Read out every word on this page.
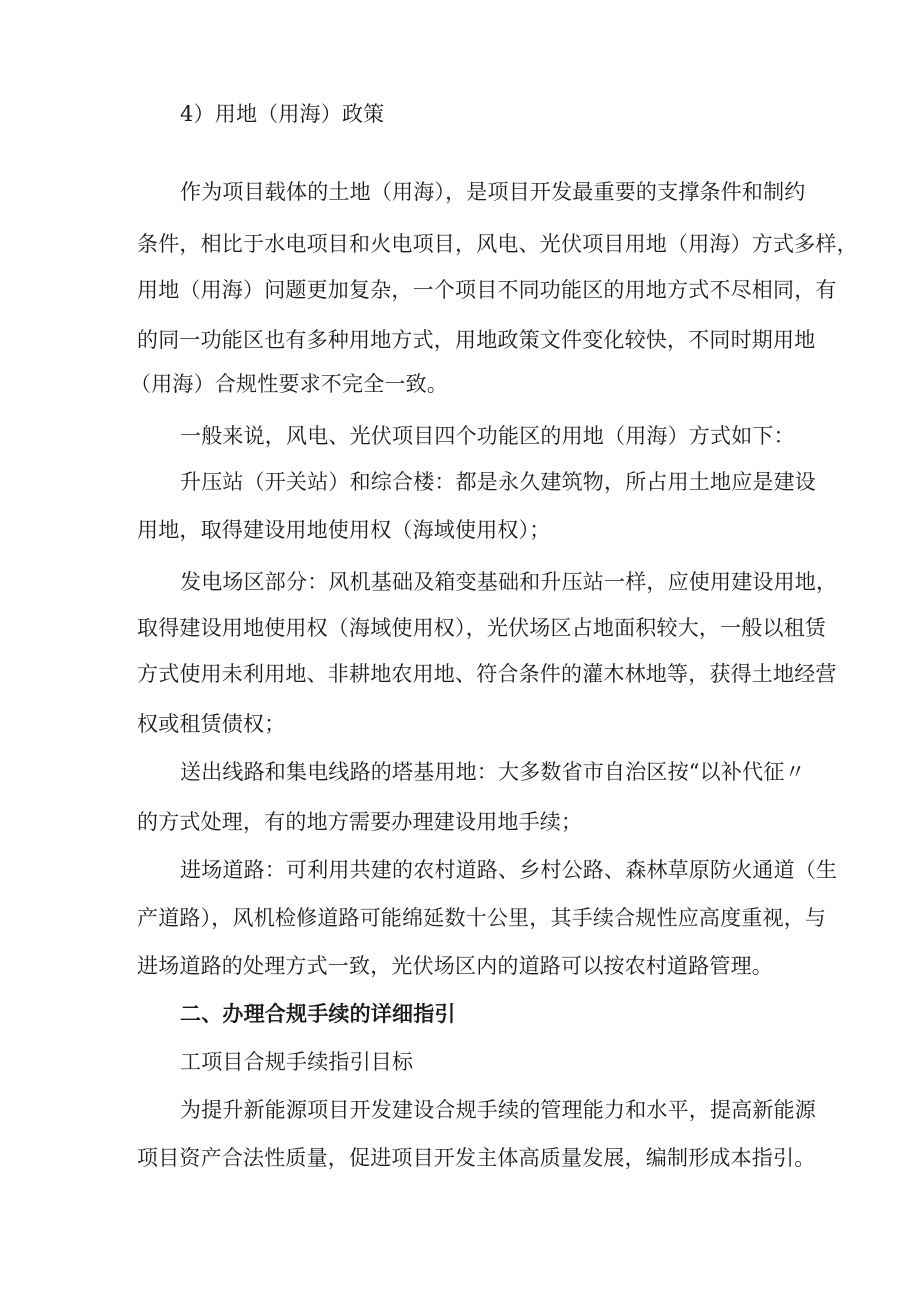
4）用地（用海）政策
作为项目载体的土地（用海），是项目开发最重要的支撑条件和制约
条件，相比于水电项目和火电项目，风电、光伏项目用地（用海）方式多样，
用地（用海）问题更加复杂，一个项目不同功能区的用地方式不尽相同，有
的同一功能区也有多种用地方式，用地政策文件变化较快，不同时期用地
（用海）合规性要求不完全一致。
一般来说，风电、光伏项目四个功能区的用地（用海）方式如下：
升压站（开关站）和综合楼：都是永久建筑物，所占用土地应是建设
用地，取得建设用地使用权（海域使用权）；
发电场区部分：风机基础及箱变基础和升压站一样，应使用建设用地，
取得建设用地使用权（海域使用权），光伏场区占地面积较大，一般以租赁
方式使用未利用地、非耕地农用地、符合条件的灌木林地等，获得土地经营
权或租赁债权；
送出线路和集电线路的塔基用地：大多数省市自治区按“以补代征〃
的方式处理，有的地方需要办理建设用地手续；
进场道路：可利用共建的农村道路、乡村公路、森林草原防火通道（生
产道路），风机检修道路可能绵延数十公里，其手续合规性应高度重视，与
进场道路的处理方式一致，光伏场区内的道路可以按农村道路管理。
二、办理合规手续的详细指引
工项目合规手续指引目标
为提升新能源项目开发建设合规手续的管理能力和水平，提高新能源
项目资产合法性质量，促进项目开发主体高质量发展，编制形成本指引。
